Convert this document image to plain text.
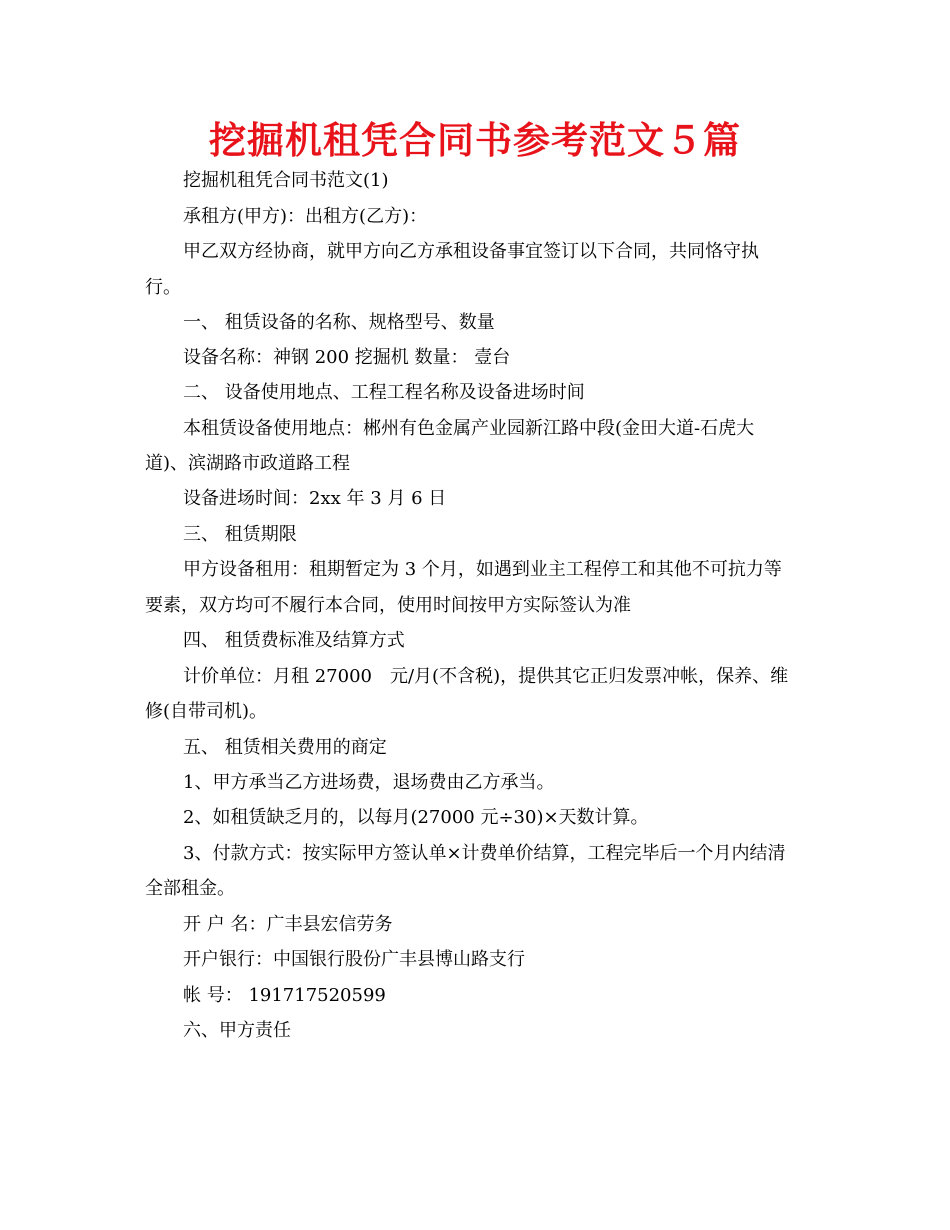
挖掘机租凭合同书参考范文５篇
挖掘机租凭合同书范文(1)
承租方(甲方)：出租方(乙方)：
甲乙双方经协商，就甲方向乙方承租设备事宜签订以下合同，共同恪守执
行。
一、 租赁设备的名称、规格型号、数量
设备名称：神钢 200 挖掘机 数量： 壹台
二、 设备使用地点、工程工程名称及设备进场时间
本租赁设备使用地点：郴州有色金属产业园新江路中段(金田大道-石虎大
道)、滨湖路市政道路工程
设备进场时间：2xx 年 3 月 6 日
三、 租赁期限
甲方设备租用：租期暂定为 3 个月，如遇到业主工程停工和其他不可抗力等
要素，双方均可不履行本合同，使用时间按甲方实际签认为准
四、 租赁费标准及结算方式
计价单位：月租 27000　元/月(不含税)，提供其它正归发票冲帐，保养、维
修(自带司机)。
五、 租赁相关费用的商定
1、甲方承当乙方进场费，退场费由乙方承当。
2、如租赁缺乏月的，以每月(27000 元÷30)×天数计算。
3、付款方式：按实际甲方签认单×计费单价结算，工程完毕后一个月内结清
全部租金。
开 户 名：广丰县宏信劳务
开户银行：中国银行股份广丰县博山路支行
帐 号： 191717520599
六、甲方责任
